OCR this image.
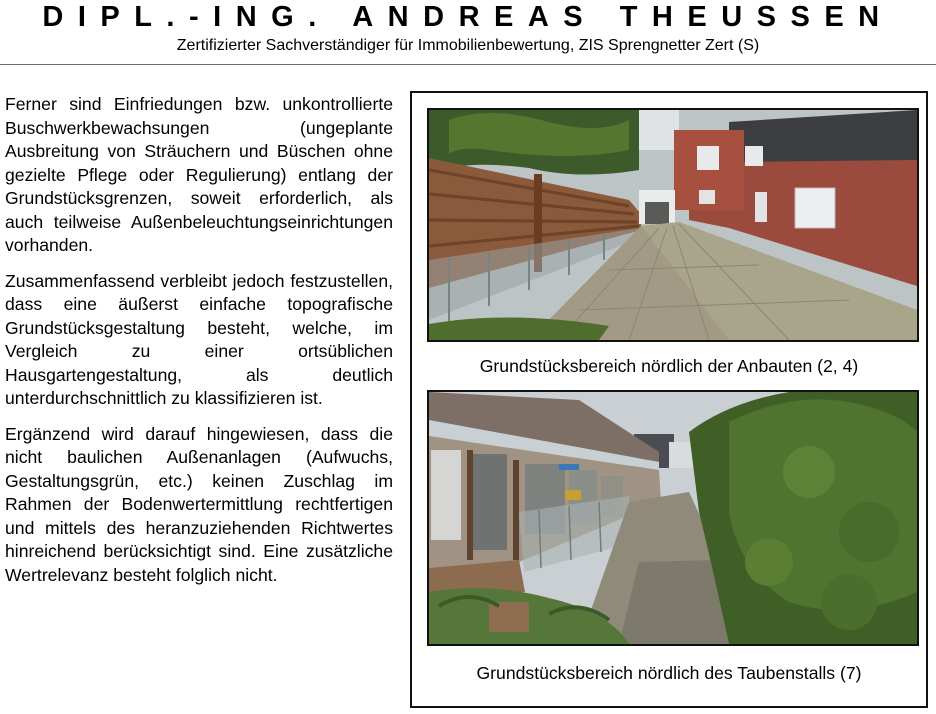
DIPL.-ING. ANDREAS THEUSSEN
Zertifizierter Sachverständiger für Immobilienbewertung, ZIS Sprengnetter Zert (S)

Ferner sind Einfriedungen bzw. unkontrollierte Buschwerkbewachsungen (ungeplante Ausbreitung von Sträuchern und Büschen ohne gezielte Pflege oder Regulierung) entlang der Grundstücksgrenzen, soweit erforderlich, als auch teilweise Außenbeleuchtungseinrichtungen vorhanden.

Zusammenfassend verbleibt jedoch festzustellen, dass eine äußerst einfache topografische Grundstücksgestaltung besteht, welche, im Vergleich zu einer ortsüblichen Hausgartengestaltung, als deutlich unterdurchschnittlich zu klassifizieren ist.

Ergänzend wird darauf hingewiesen, dass die nicht baulichen Außenanlagen (Aufwuchs, Gestaltungsgrün, etc.) keinen Zuschlag im Rahmen der Bodenwertermittlung rechtfertigen und mittels des heranzuziehenden Richtwertes hinreichend berücksichtigt sind. Eine zusätzliche Wertrelevanz besteht folglich nicht.

Grundstücksbereich nördlich der Anbauten (2, 4)
Grundstücksbereich nördlich des Taubenstalls (7)
